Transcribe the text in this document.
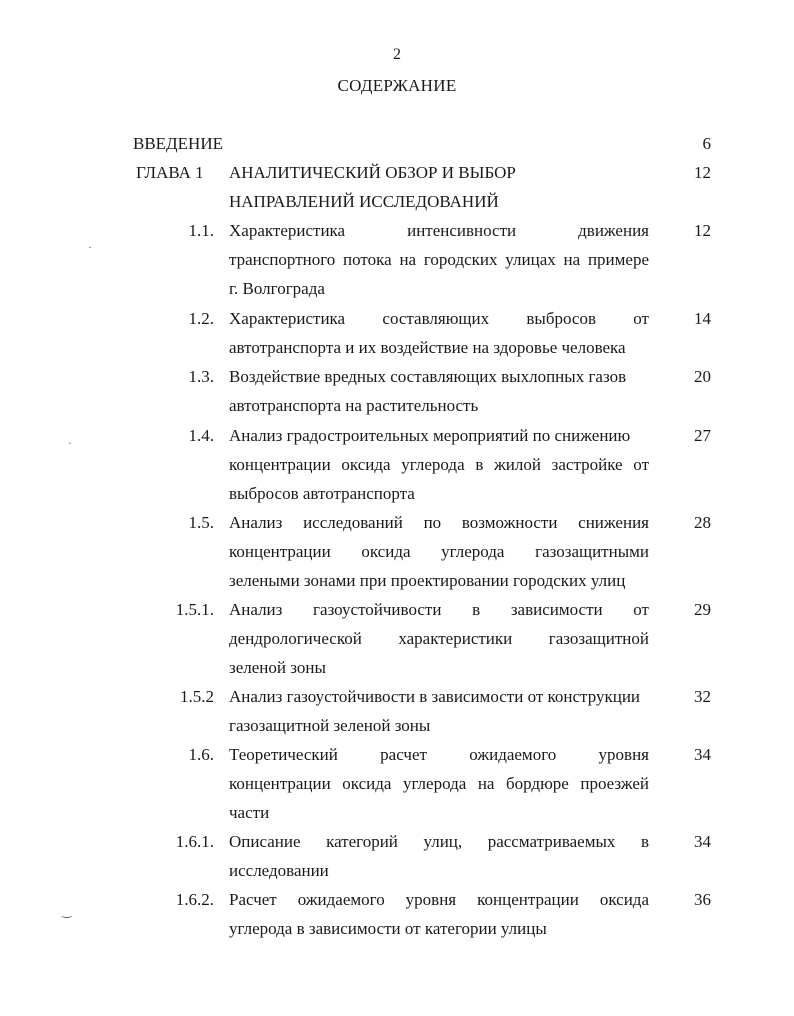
2
СОДЕРЖАНИЕ
·
‿
·
ВВЕДЕНИЕ	6
ГЛАВА 1 АНАЛИТИЧЕСКИЙ ОБЗОР И ВЫБОР
НАПРАВЛЕНИЙ ИССЛЕДОВАНИЙ
12
1.1. Характеристика интенсивности движения
транспортного потока на городских улицах на примере
г. Волгограда
12
1.2. Характеристика составляющих выбросов от
автотранспорта и их воздействие на здоровье человека
14
1.3. Воздействие вредных составляющих выхлопных газов
автотранспорта на растительность
20
1.4. Анализ градостроительных мероприятий по снижению
концентрации оксида углерода в жилой застройке от
выбросов автотранспорта
27
1.5. Анализ исследований по возможности снижения
концентрации оксида углерода газозащитными
зелеными зонами при проектировании городских улиц
28
1.5.1. Анализ газоустойчивости в зависимости от
дендрологической характеристики газозащитной
зеленой зоны
29
1.5.2 Анализ газоустойчивости в зависимости от конструкции
газозащитной зеленой зоны
32
1.6. Теоретический расчет ожидаемого уровня
концентрации оксида углерода на бордюре проезжей
части
34
1.6.1. Описание категорий улиц, рассматриваемых в
исследовании
34
1.6.2. Расчет ожидаемого уровня концентрации оксида
углерода в зависимости от категории улицы
36
